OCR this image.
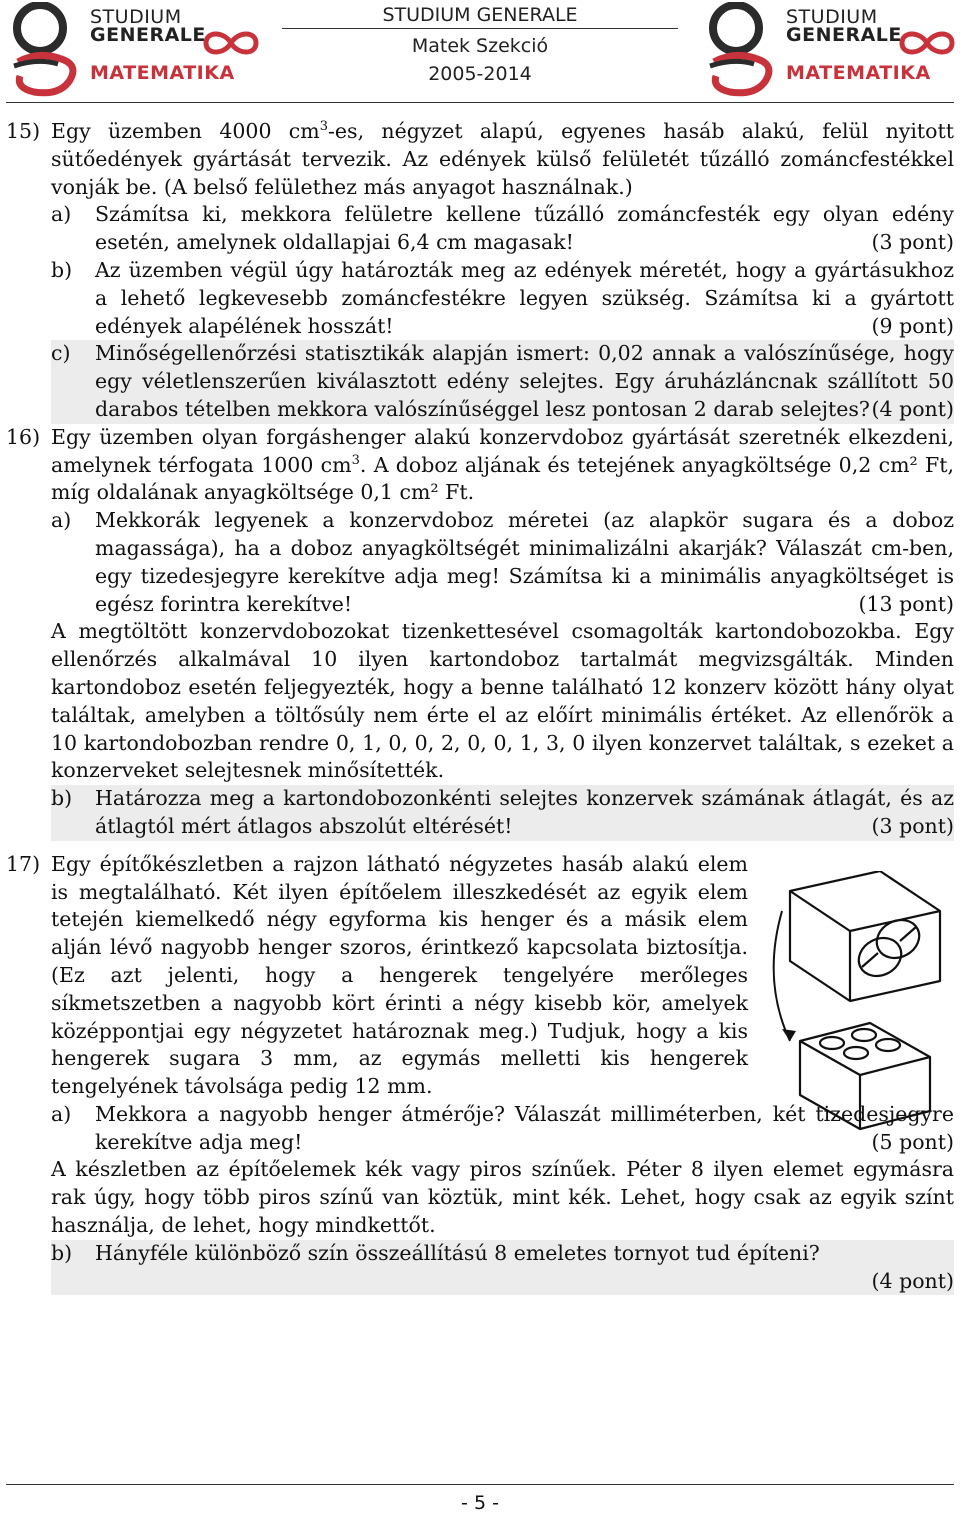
STUDIUM
GENERALE
MATEMATIKA
STUDIUM GENERALE
Matek Szekció
2005-2014
STUDIUM
GENERALE
MATEMATIKA
15) Egy üzemben 4000 $cm^3-es$, négyzet alapú, egyenes hasáb alakú, felül nyitott sütőedények gyártását tervezik. Az edények külső felületét tűzálló zománcfestékkel vonják be. (A belső felülethez más anyagot használnak.)
a) Számítsa ki, mekkora felületre kellene tűzálló zománcfesték egy olyan edény esetén, amelynek oldallapjai 6,4 cm magasak!	(3 pont)
b) Az üzemben végül úgy határozták meg az edények méretét, hogy a gyártásukhoz a lehető legkevesebb zománcfestékre legyen szükség. Számítsa ki a gyártott edények alapélének hosszát!	(9 pont)
c) Minőségellenőrzési statisztikák alapján ismert: 0,02 annak a valószínűsége, hogy egy véletlenszerűen kiválasztott edény selejtes. Egy áruházláncnak szállított 50 darabos tételben mekkora valószínűséggel lesz pontosan 2 darab selejtes? (4 pont)
16) Egy üzemben olyan forgáshenger alakú konzervdoboz gyártását szeretnék elkezdeni, amelynek térfogata 1000 $cm^3$. A doboz aljának és tetejének anyagköltsége 0,2 cm² Ft, míg oldalának anyagköltsége 0,1 cm² Ft.
a) Mekkorák legyenek a konzervdoboz méretei (az alapkör sugara és a doboz magassága), ha a doboz anyagköltségét minimalizálni akarják? Válaszát cm-ben, egy tizedesjegyre kerekítve adja meg! Számítsa ki a minimális anyagköltséget is egész forintra kerekítve!	(13 pont)
A megtöltött konzervdobozokat tizenkettesével csomagolták kartondobozokba. Egy ellenőrzés alkalmával 10 ilyen kartondoboz tartalmát megvizsgálták. Minden kartondoboz esetén feljegyezték, hogy a benne található 12 konzerv között hány olyat találtak, amelyben a töltősúly nem érte el az előírt minimális értéket. Az ellenőrök a 10 kartondobozban rendre 0, 1, 0, 0, 2, 0, 0, 1, 3, 0 ilyen konzervet találtak, s ezeket a konzerveket selejtesnek minősítették.
b) Határozza meg a kartondobozonkénti selejtes konzervek számának átlagát, és az átlagtól mért átlagos abszolút eltérését!	(3 pont)
17) Egy építőkészletben a rajzon látható négyzetes hasáb alakú elem is megtalálható. Két ilyen építőelem illeszkedését az egyik elem tetején kiemelkedő négy egyforma kis henger és a másik elem alján lévő nagyobb henger szoros, érintkező kapcsolata biztosítja. (Ez azt jelenti, hogy a hengerek tengelyére merőleges síkmetszetben a nagyobb kört érinti a négy kisebb kör, amelyek középpontjai egy négyzetet határoznak meg.) Tudjuk, hogy a kis hengerek sugara 3 mm, az egymás melletti kis hengerek tengelyének távolsága pedig 12 mm.
a) Mekkora a nagyobb henger átmérője? Válaszát milliméterben, két tizedesjegyre kerekítve adja meg!	(5 pont)
A készletben az építőelemek kék vagy piros színűek. Péter 8 ilyen elemet egymásra rak úgy, hogy több piros színű van köztük, mint kék. Lehet, hogy csak az egyik színt használja, de lehet, hogy mindkettőt.
b) Hányféle különböző szín összeállítású 8 emeletes tornyot tud építeni?

(4 pont)
- 5 -
